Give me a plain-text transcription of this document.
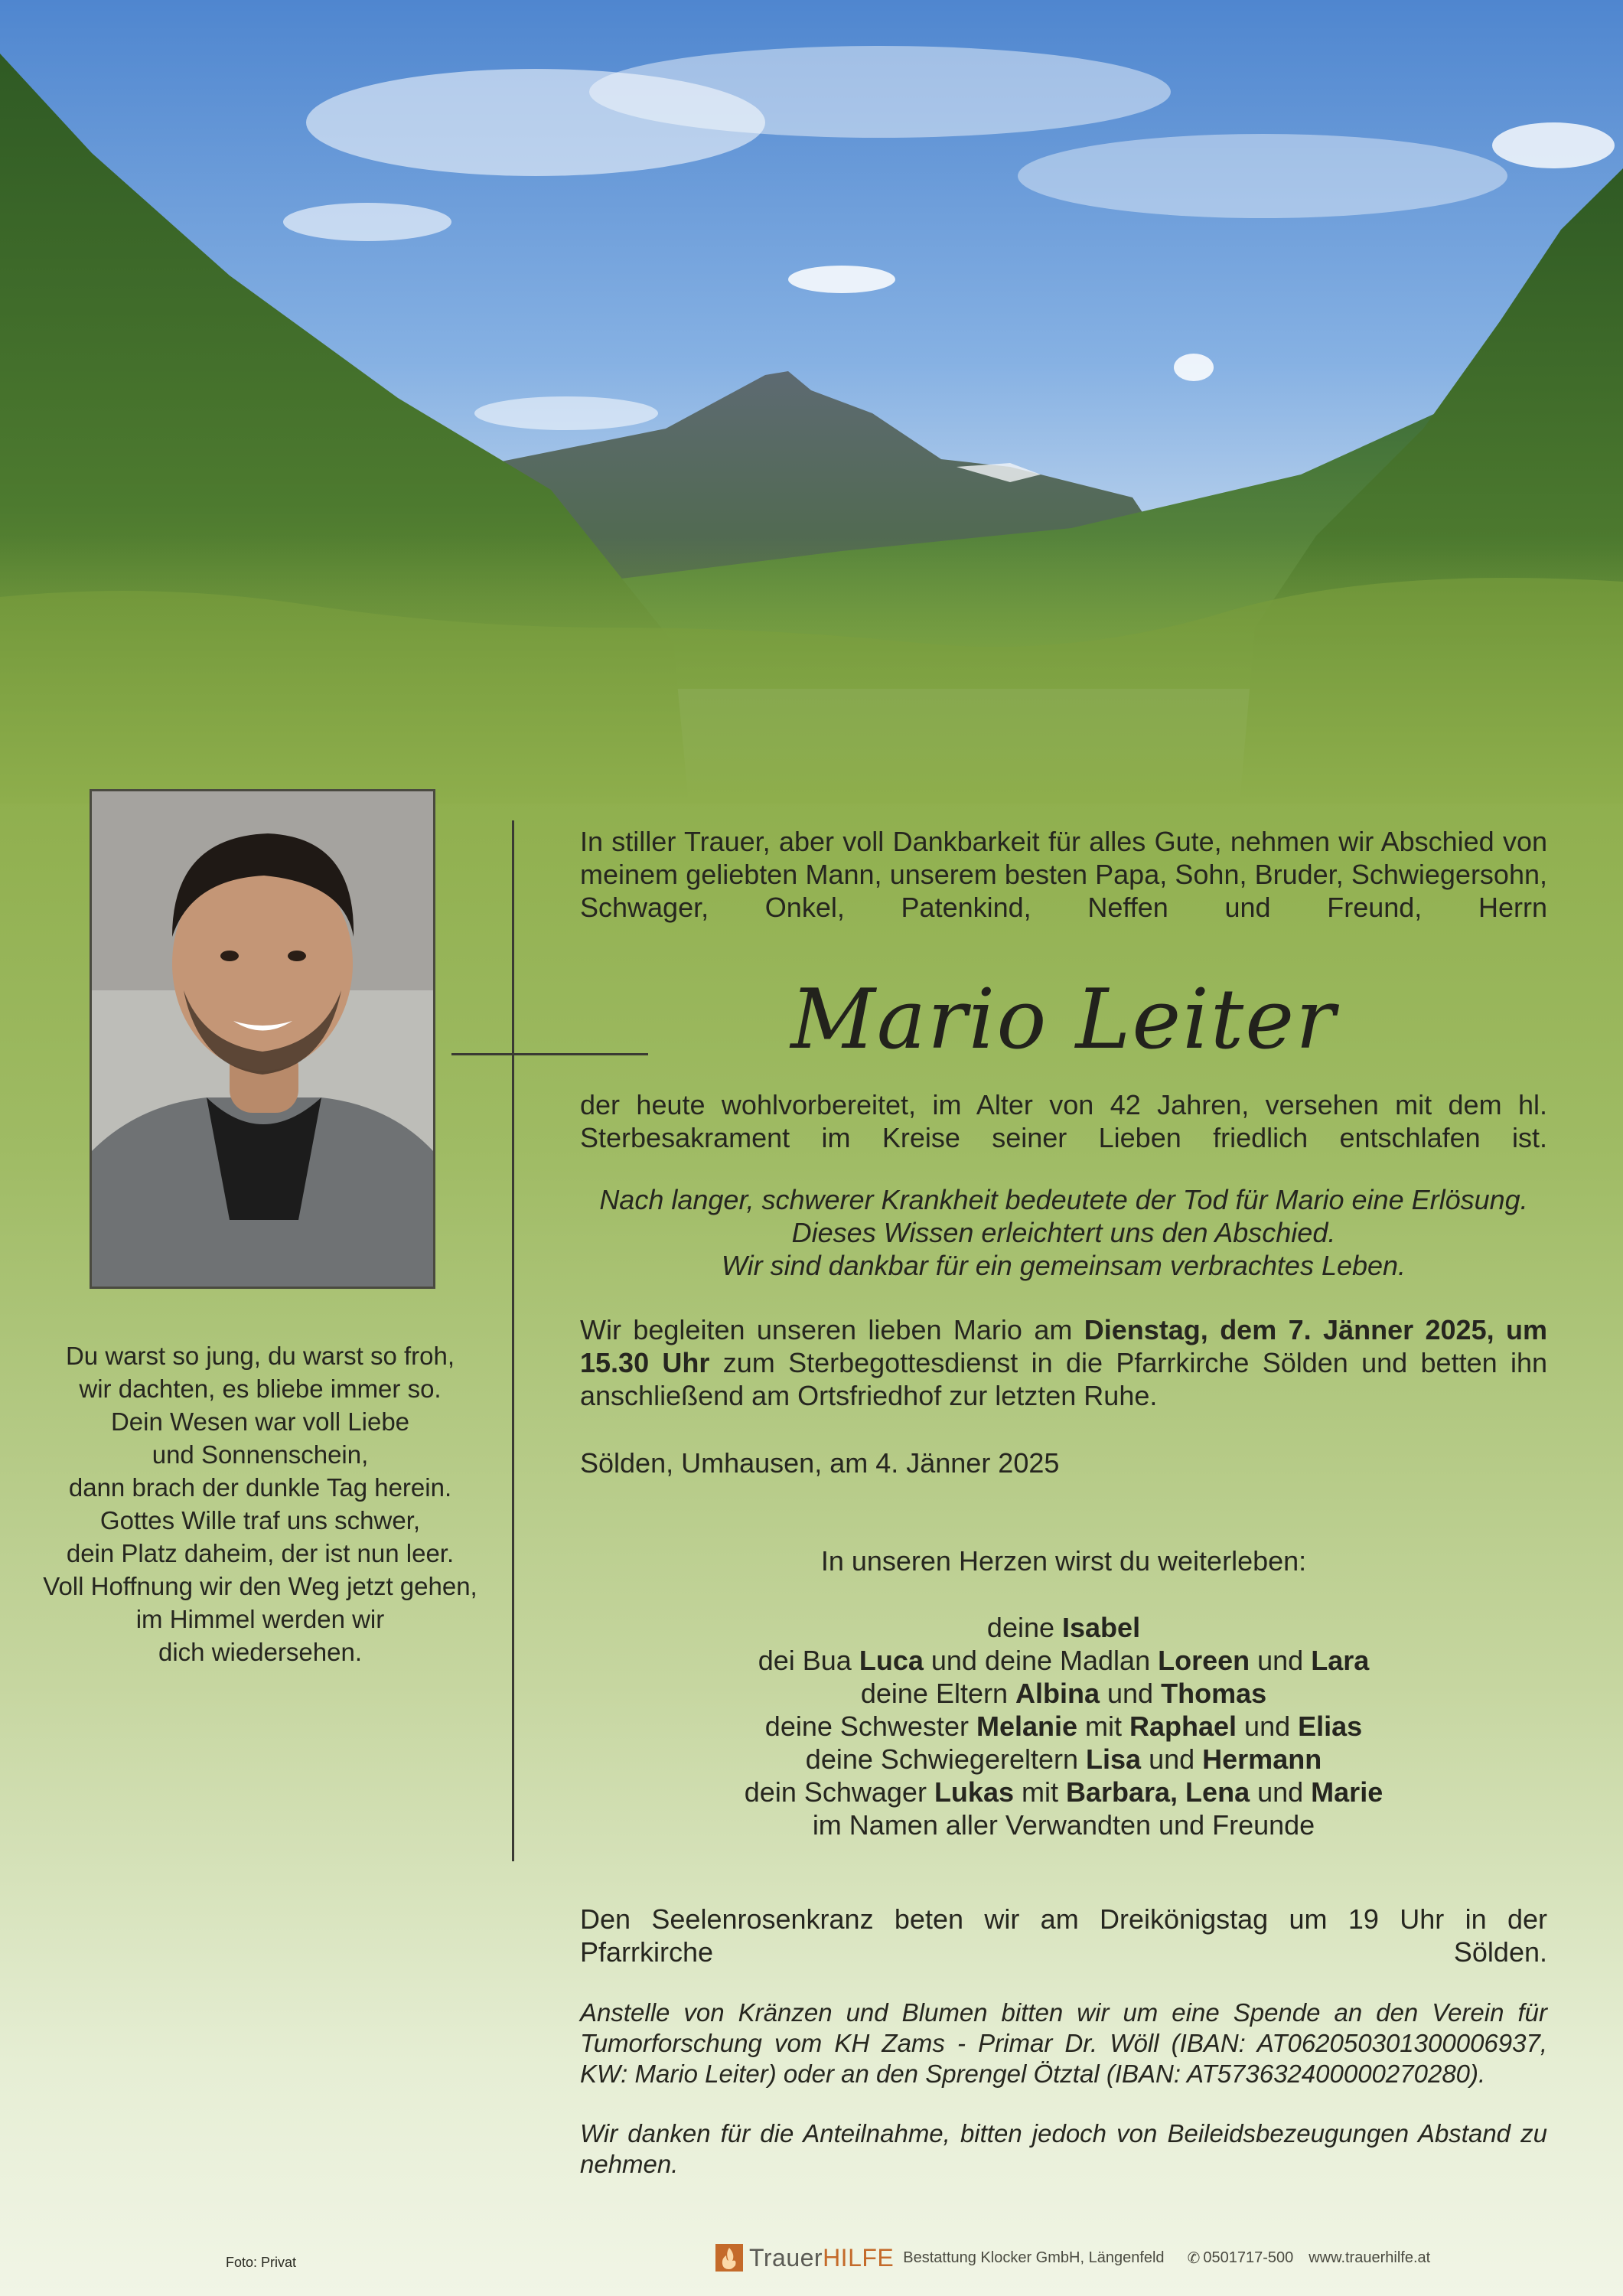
In stiller Trauer, aber voll Dankbarkeit für alles Gute, nehmen wir Abschied von meinem geliebten Mann, unserem besten Papa, Sohn, Bruder, Schwiegersohn, Schwager, Onkel, Patenkind, Neffen und Freund, Herrn
Mario Leiter
der heute wohlvorbereitet, im Alter von 42 Jahren, versehen mit dem hl. Sterbesakrament im Kreise seiner Lieben friedlich entschlafen ist.
Nach langer, schwerer Krankheit bedeutete der Tod für Mario eine Erlösung.
Dieses Wissen erleichtert uns den Abschied.
Wir sind dankbar für ein gemeinsam verbrachtes Leben.
Wir begleiten unseren lieben Mario am Dienstag, dem 7. Jänner 2025, um 15.30 Uhr zum Sterbegottesdienst in die Pfarrkirche Sölden und betten ihn anschließend am Ortsfriedhof zur letzten Ruhe.
Sölden, Umhausen, am 4. Jänner 2025
In unseren Herzen wirst du weiterleben:
deine Isabel
dei Bua Luca und deine Madlan Loreen und Lara
deine Eltern Albina und Thomas
deine Schwester Melanie mit Raphael und Elias
deine Schwiegereltern Lisa und Hermann
dein Schwager Lukas mit Barbara, Lena und Marie
im Namen aller Verwandten und Freunde
Den Seelenrosenkranz beten wir am Dreikönigstag um 19 Uhr in der Pfarrkirche Sölden.
Anstelle von Kränzen und Blumen bitten wir um eine Spende an den Verein für Tumorforschung vom KH Zams - Primar Dr. Wöll (IBAN: AT062050301300006937, KW: Mario Leiter) oder an den Sprengel Ötztal (IBAN: AT573632400000270280).
Wir danken für die Anteilnahme, bitten jedoch von Beileidsbezeugungen Abstand zu nehmen.
Du warst so jung, du warst so froh,
wir dachten, es bliebe immer so.
Dein Wesen war voll Liebe
und Sonnenschein,
dann brach der dunkle Tag herein.
Gottes Wille traf uns schwer,
dein Platz daheim, der ist nun leer.
Voll Hoffnung wir den Weg jetzt gehen,
im Himmel werden wir
dich wiedersehen.
Foto: Privat	TrauerHILFE Bestattung Klocker GmbH, Längenfeld ✆ 0501717-500 www.trauerhilfe.at
